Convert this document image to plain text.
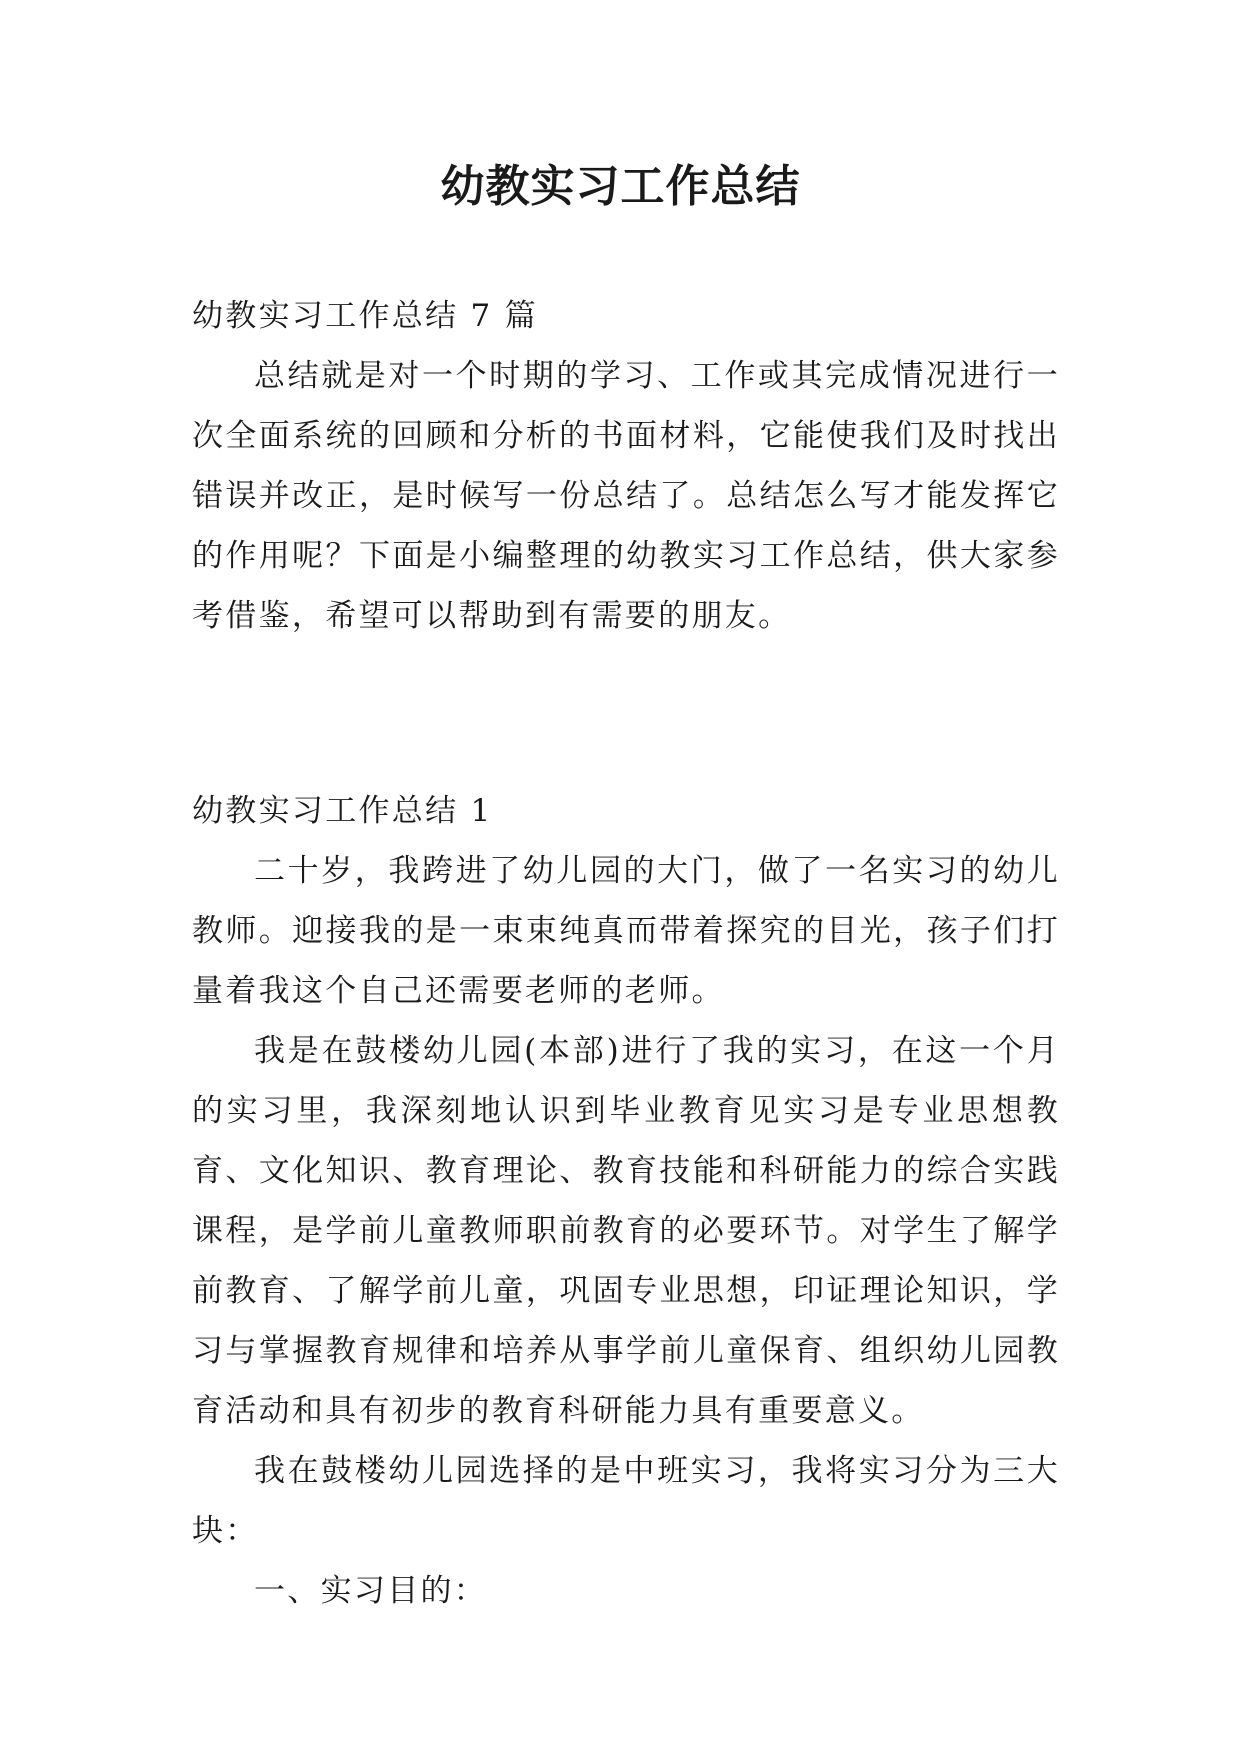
幼教实习工作总结

幼教实习工作总结 7 篇

总结就是对一个时期的学习、工作或其完成情况进行一次全面系统的回顾和分析的书面材料，它能使我们及时找出错误并改正，是时候写一份总结了。总结怎么写才能发挥它的作用呢？下面是小编整理的幼教实习工作总结，供大家参考借鉴，希望可以帮助到有需要的朋友。

幼教实习工作总结 1

二十岁，我跨进了幼儿园的大门，做了一名实习的幼儿教师。迎接我的是一束束纯真而带着探究的目光，孩子们打量着我这个自己还需要老师的老师。

我是在鼓楼幼儿园(本部)进行了我的实习，在这一个月的实习里，我深刻地认识到毕业教育见实习是专业思想教育、文化知识、教育理论、教育技能和科研能力的综合实践课程，是学前儿童教师职前教育的必要环节。对学生了解学前教育、了解学前儿童，巩固专业思想，印证理论知识，学习与掌握教育规律和培养从事学前儿童保育、组织幼儿园教育活动和具有初步的教育科研能力具有重要意义。

我在鼓楼幼儿园选择的是中班实习，我将实习分为三大块：

一、实习目的：
